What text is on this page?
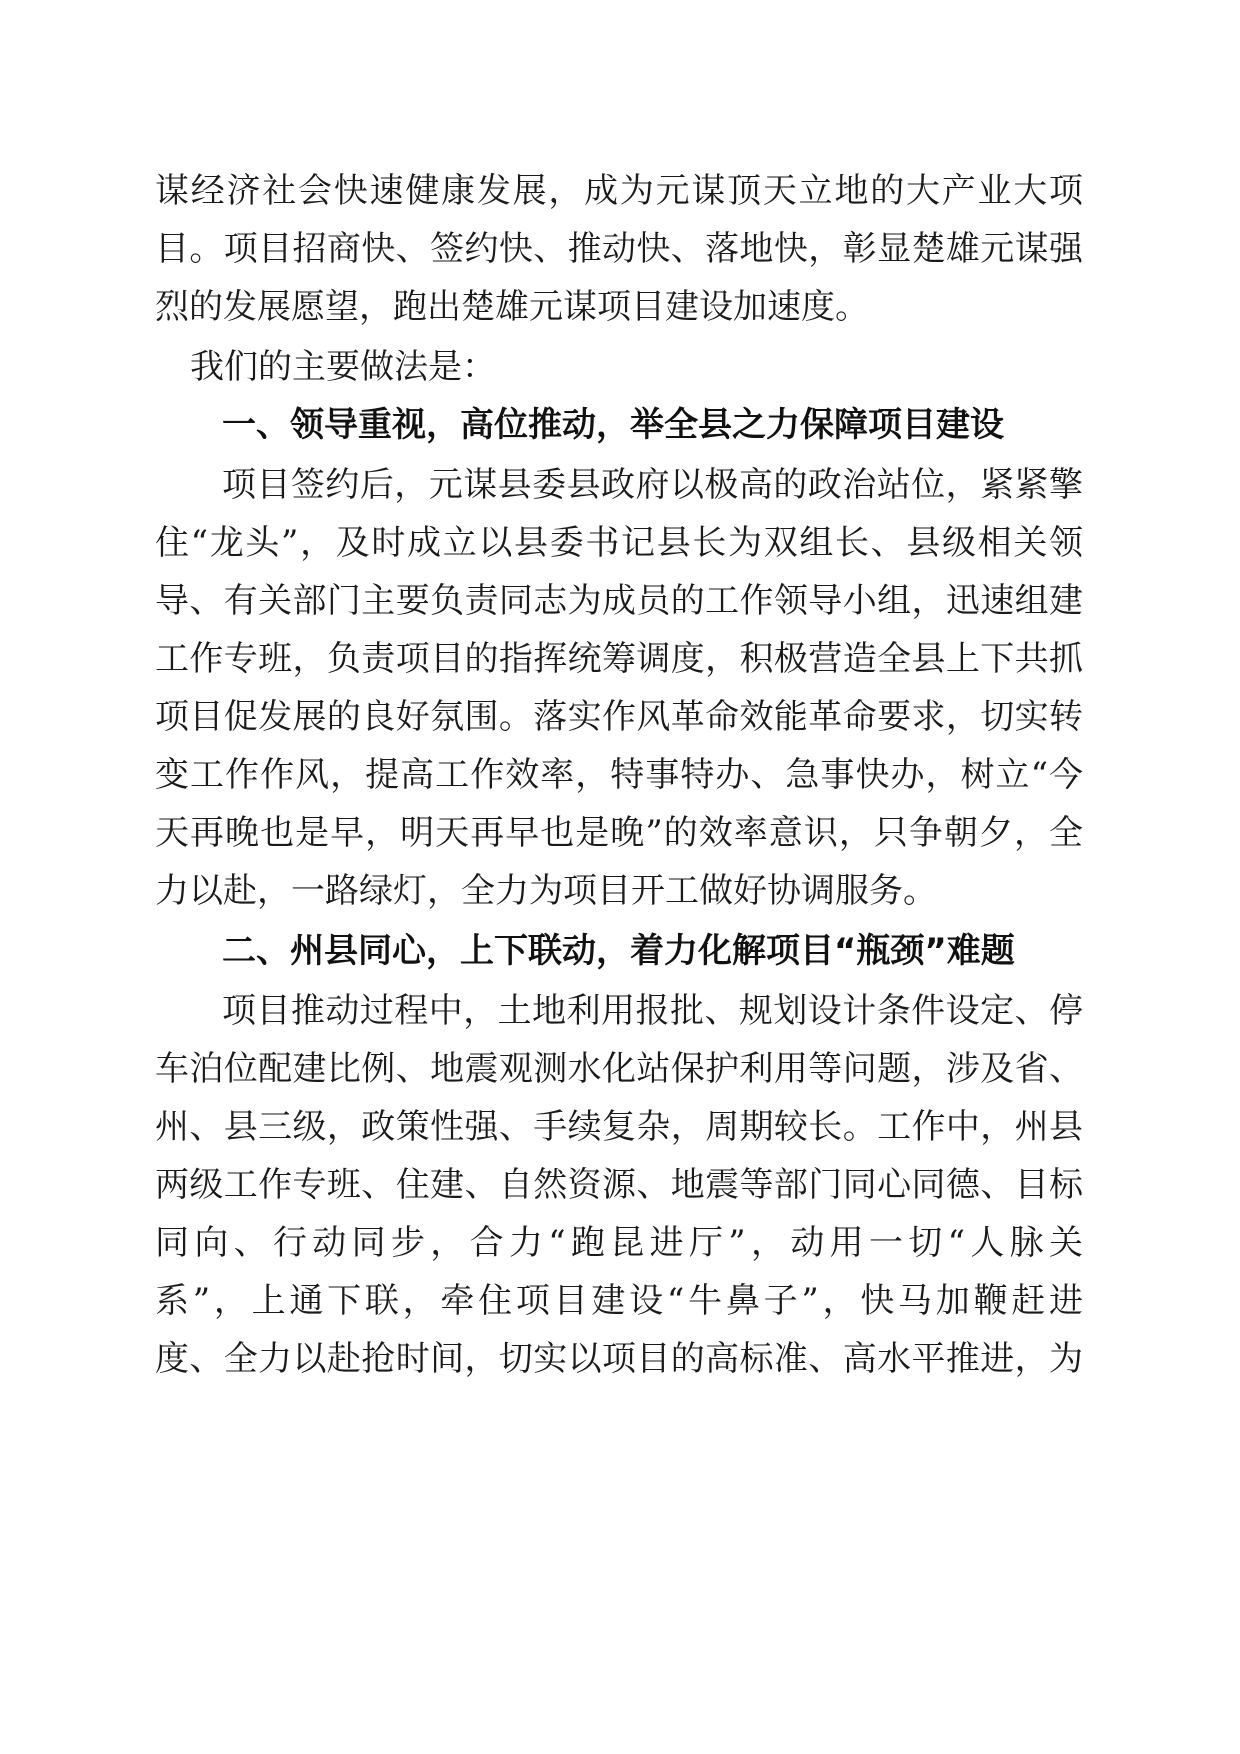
谋经济社会快速健康发展，成为元谋顶天立地的大产业大项
目。项目招商快、签约快、推动快、落地快，彰显楚雄元谋强
烈的发展愿望，跑出楚雄元谋项目建设加速度。
我们的主要做法是：
一、领导重视，高位推动，举全县之力保障项目建设
项目签约后，元谋县委县政府以极高的政治站位，紧紧擎
住“龙头”，及时成立以县委书记县长为双组长、县级相关领
导、有关部门主要负责同志为成员的工作领导小组，迅速组建
工作专班，负责项目的指挥统筹调度，积极营造全县上下共抓
项目促发展的良好氛围。落实作风革命效能革命要求，切实转
变工作作风，提高工作效率，特事特办、急事快办，树立“今
天再晚也是早，明天再早也是晚”的效率意识，只争朝夕，全
力以赴，一路绿灯，全力为项目开工做好协调服务。
二、州县同心，上下联动，着力化解项目“瓶颈”难题
项目推动过程中，土地利用报批、规划设计条件设定、停
车泊位配建比例、地震观测水化站保护利用等问题，涉及省、
州、县三级，政策性强、手续复杂，周期较长。工作中，州县
两级工作专班、住建、自然资源、地震等部门同心同德、目标
同向、行动同步，合力“跑昆进厅”，动用一切“人脉关
系”，上通下联，牵住项目建设“牛鼻子”，快马加鞭赶进
度、全力以赴抢时间，切实以项目的高标准、高水平推进，为
